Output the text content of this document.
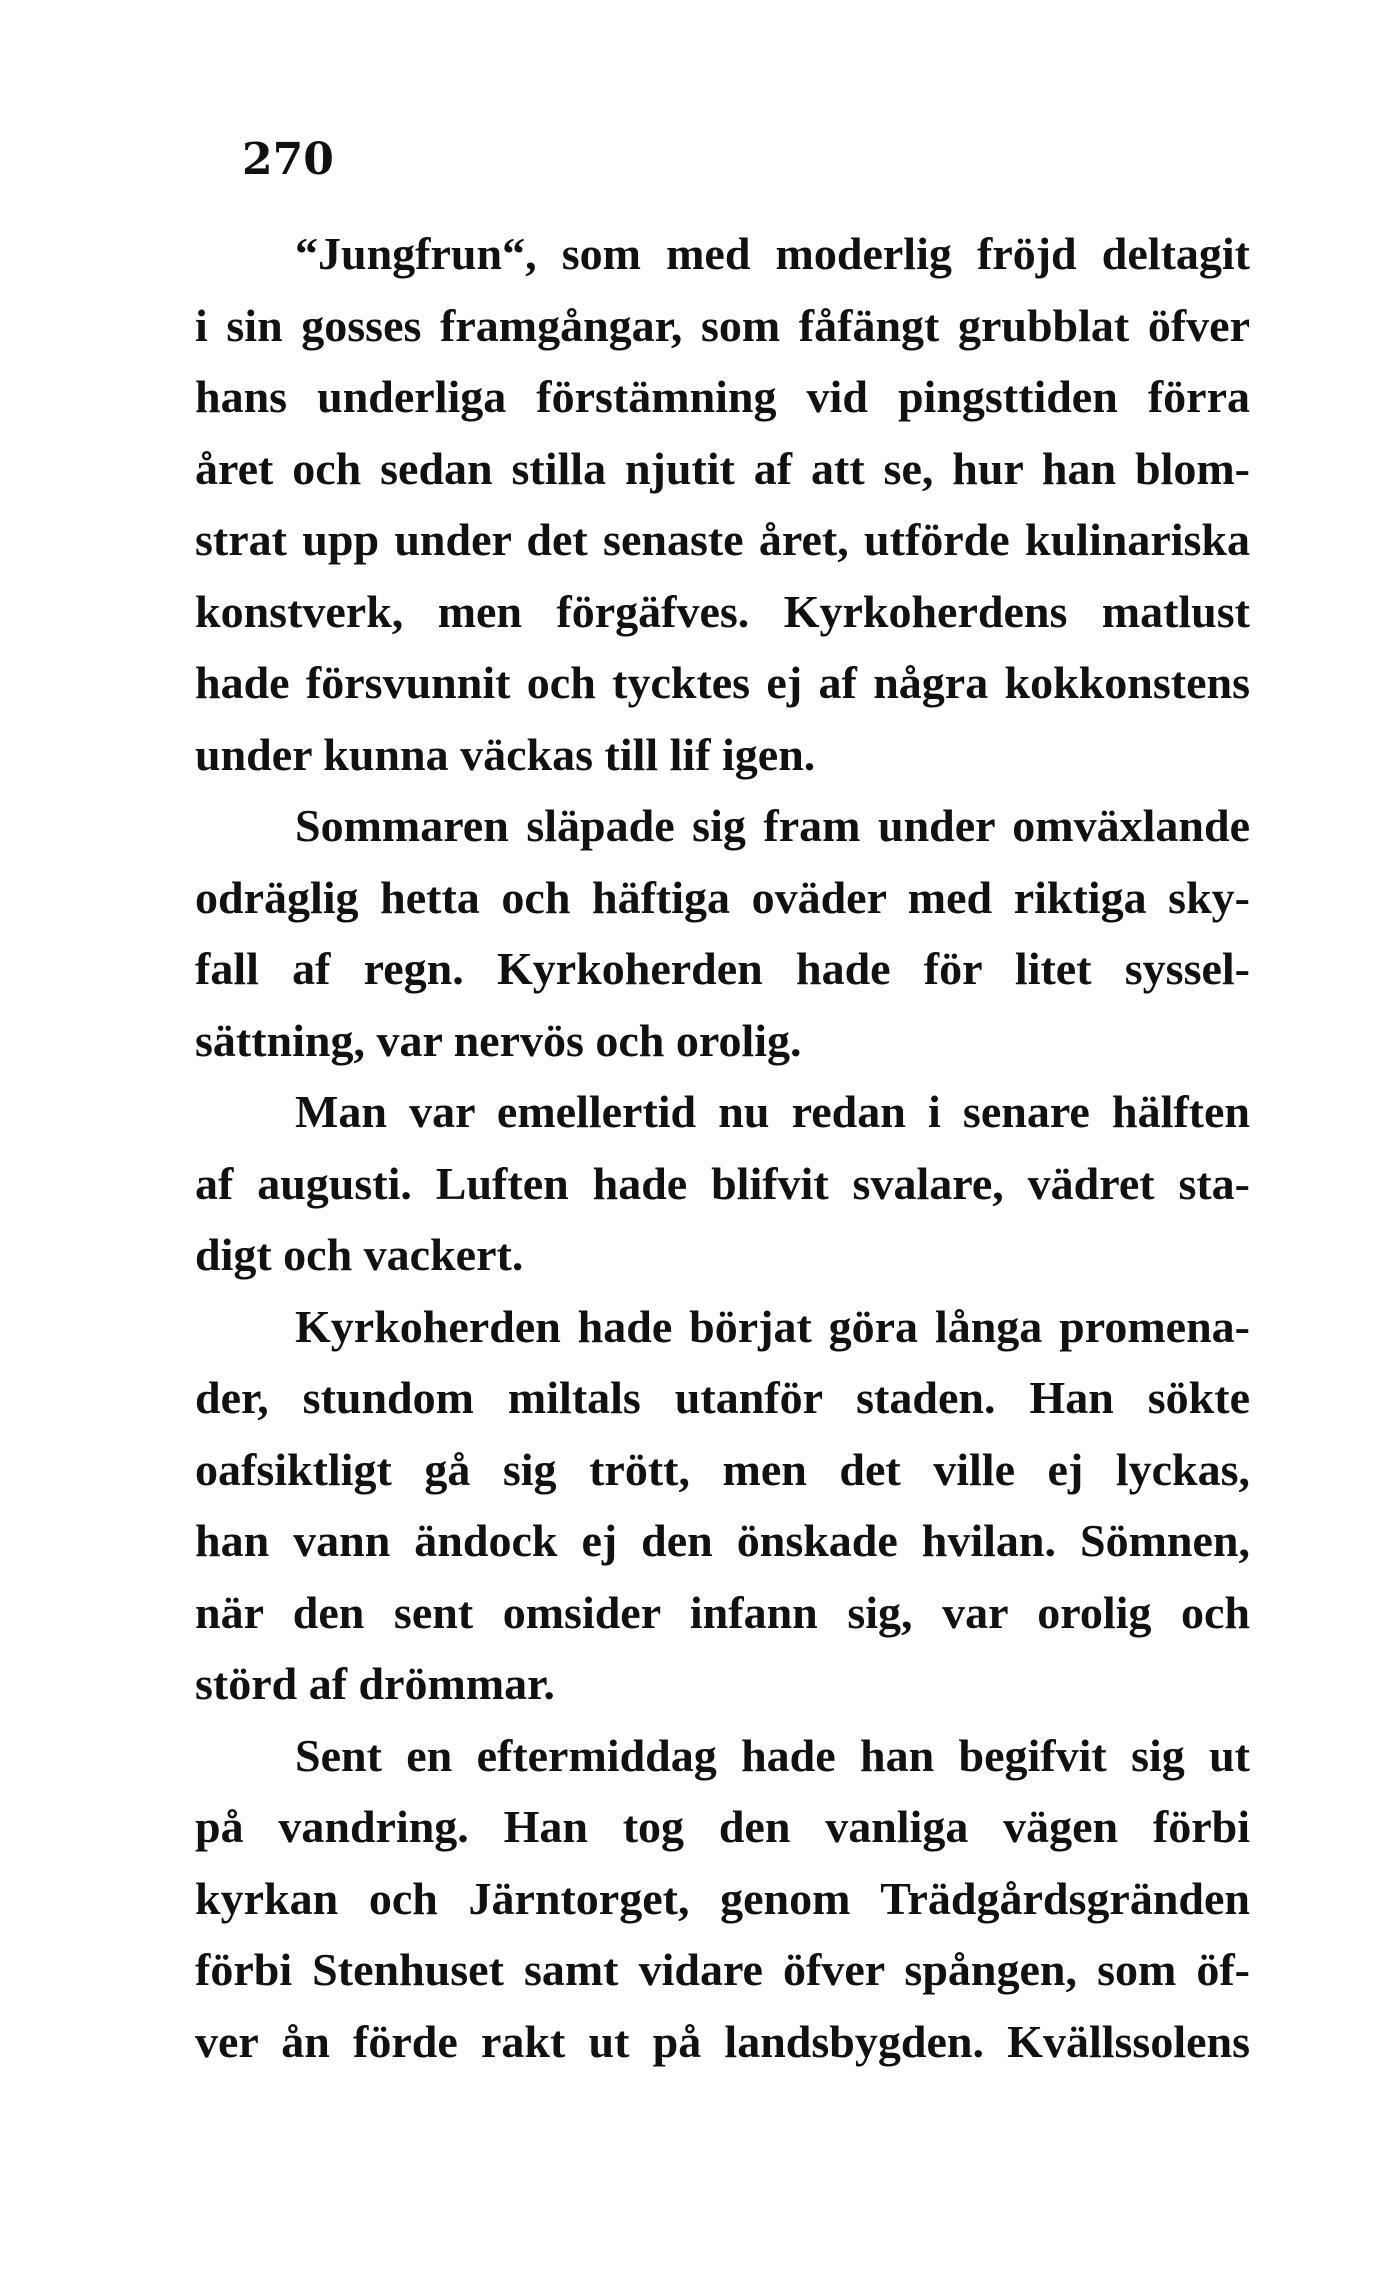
270
“Jungfrun“, som med moderlig fröjd deltagit
i sin gosses framgångar, som fåfängt grubblat öfver
hans underliga förstämning vid pingsttiden förra
året och sedan stilla njutit af att se, hur han blom-
strat upp under det senaste året, utförde kulinariska
konstverk, men förgäfves. Kyrkoherdens matlust
hade försvunnit och tycktes ej af några kokkonstens
under kunna väckas till lif igen.
Sommaren släpade sig fram under omväxlande
odräglig hetta och häftiga oväder med riktiga sky-
fall af regn. Kyrkoherden hade för litet syssel-
sättning, var nervös och orolig.
Man var emellertid nu redan i senare hälften
af augusti. Luften hade blifvit svalare, vädret sta-
digt och vackert.
Kyrkoherden hade börjat göra långa promena-
der, stundom miltals utanför staden. Han sökte
oafsiktligt gå sig trött, men det ville ej lyckas,
han vann ändock ej den önskade hvilan. Sömnen,
när den sent omsider infann sig, var orolig och
störd af drömmar.
Sent en eftermiddag hade han begifvit sig ut
på vandring. Han tog den vanliga vägen förbi
kyrkan och Järntorget, genom Trädgårdsgränden
förbi Stenhuset samt vidare öfver spången, som öf-
ver ån förde rakt ut på landsbygden. Kvällssolens
